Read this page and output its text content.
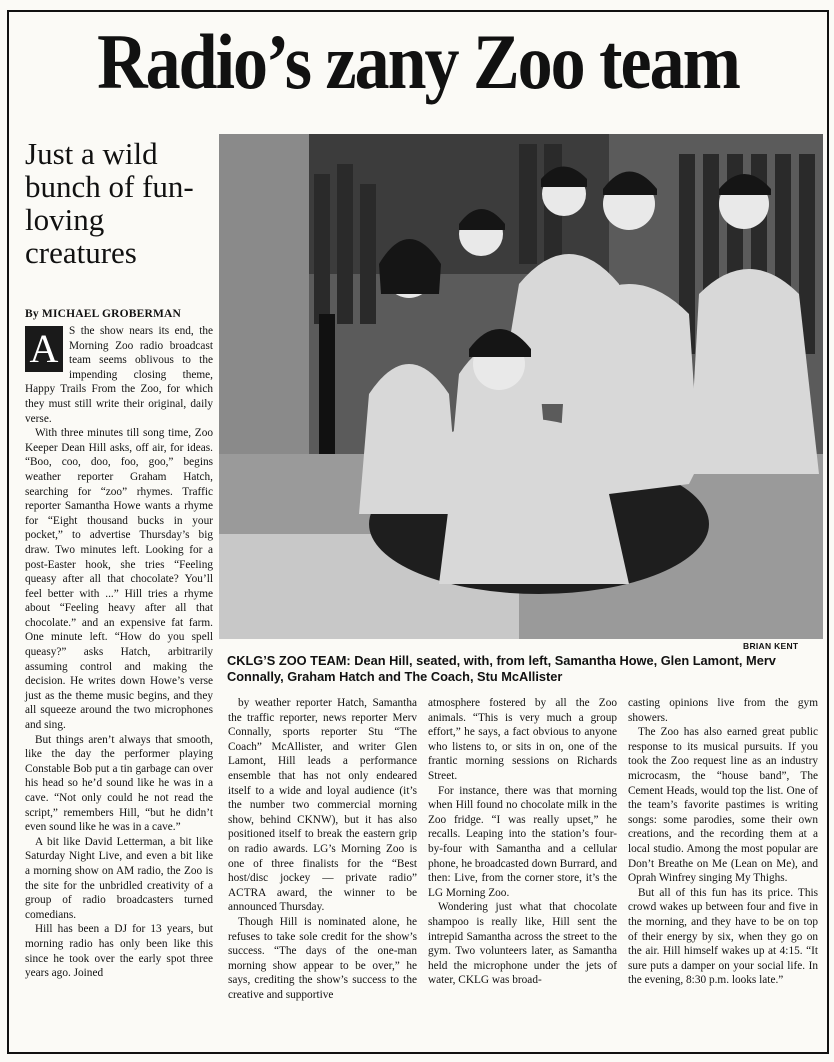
Radio’s zany Zoo team
Just a wild bunch of fun-loving creatures
By MICHAEL GROBERMAN
BRIAN KENT
CKLG’S ZOO TEAM: Dean Hill, seated, with, from left, Samantha Howe, Glen Lamont, Merv Connally, Graham Hatch and The Coach, Stu McAllister

A S the show nears its end, the Morning Zoo radio broadcast team seems oblivous to the impending closing theme, Happy Trails From the Zoo, for which they must still write their original, daily verse.

With three minutes till song time, Zoo Keeper Dean Hill asks, off air, for ideas. “Boo, coo, doo, foo, goo,” begins weather reporter Graham Hatch, searching for “zoo” rhymes. Traffic reporter Samantha Howe wants a rhyme for “Eight thousand bucks in your pocket,” to advertise Thursday’s big draw. Two minutes left. Looking for a post-Easter hook, she tries “Feeling queasy after all that chocolate? You’ll feel better with ...” Hill tries a rhyme about “Feeling heavy after all that chocolate.” and an expensive fat farm. One minute left. “How do you spell queasy?” asks Hatch, arbitrarily assuming control and making the decision. He writes down Howe’s verse just as the theme music begins, and they all squeeze around the two microphones and sing.

But things aren’t always that smooth, like the day the performer playing Constable Bob put a tin garbage can over his head so he’d sound like he was in a cave. “Not only could he not read the script,” remembers Hill, “but he didn’t even sound like he was in a cave.”

A bit like David Letterman, a bit like Saturday Night Live, and even a bit like a morning show on AM radio, the Zoo is the site for the unbridled creativity of a group of radio broadcasters turned comedians.

Hill has been a DJ for 13 years, but morning radio has only been like this since he took over the early spot three years ago. Joined

by weather reporter Hatch, Samantha the traffic reporter, news reporter Merv Connally, sports reporter Stu “The Coach” McAllister, and writer Glen Lamont, Hill leads a performance ensemble that has not only endeared itself to a wide and loyal audience (it’s the number two commercial morning show, behind CKNW), but it has also positioned itself to break the eastern grip on radio awards. LG’s Morning Zoo is one of three finalists for the “Best host/disc jockey — private radio” ACTRA award, the winner to be announced Thursday.

Though Hill is nominated alone, he refuses to take sole credit for the show’s success. “The days of the one-man morning show appear to be over,” he says, crediting the show’s success to the creative and supportive

atmosphere fostered by all the Zoo animals. “This is very much a group effort,” he says, a fact obvious to anyone who listens to, or sits in on, one of the frantic morning sessions on Richards Street.

For instance, there was that morning when Hill found no chocolate milk in the Zoo fridge. “I was really upset,” he recalls. Leaping into the station’s four-by-four with Samantha and a cellular phone, he broadcasted down Burrard, and then: Live, from the corner store, it’s the LG Morning Zoo.

Wondering just what that chocolate shampoo is really like, Hill sent the intrepid Samantha across the street to the gym. Two volunteers later, as Samantha held the microphone under the jets of water, CKLG was broad-

casting opinions live from the gym showers.

The Zoo has also earned great public response to its musical pursuits. If you took the Zoo request line as an industry microcasm, the “house band”, The Cement Heads, would top the list. One of the team’s favorite pastimes is writing songs: some parodies, some their own creations, and the recording them at a local studio. Among the most popular are Don’t Breathe on Me (Lean on Me), and Oprah Winfrey singing My Thighs.

But all of this fun has its price. This crowd wakes up between four and five in the morning, and they have to be on top of their energy by six, when they go on the air. Hill himself wakes up at 4:15. “It sure puts a damper on your social life. In the evening, 8:30 p.m. looks late.”
